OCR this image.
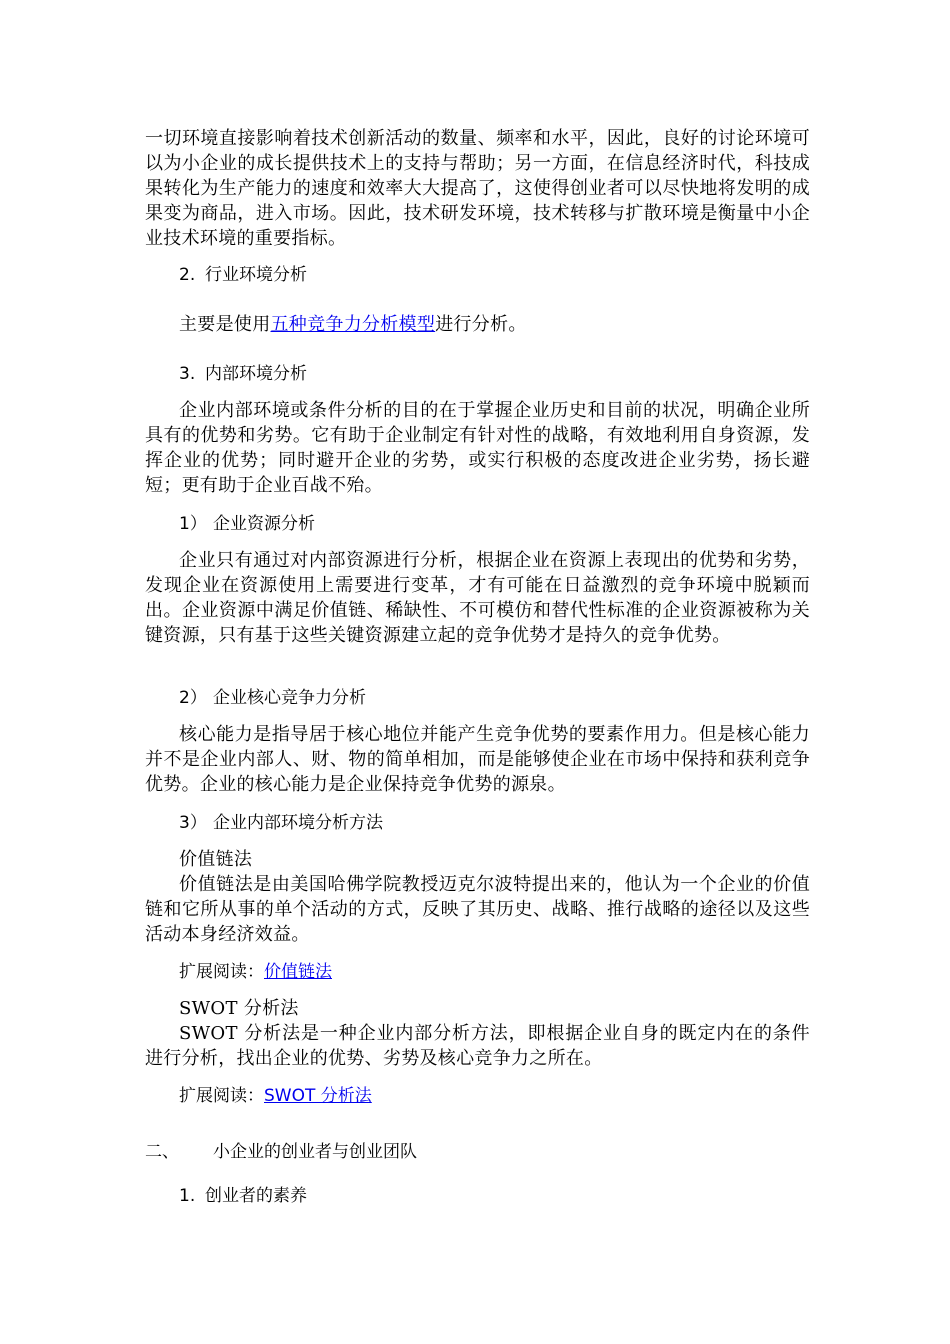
一切环境直接影响着技术创新活动的数量、频率和水平，因此，良好的讨论环境可以为小企业的成长提供技术上的支持与帮助；另一方面，在信息经济时代，科技成果转化为生产能力的速度和效率大大提高了，这使得创业者可以尽快地将发明的成果变为商品，进入市场。因此，技术研发环境，技术转移与扩散环境是衡量中小企业技术环境的重要指标。

2. 行业环境分析

主要是使用五种竞争力分析模型进行分析。

3. 内部环境分析

企业内部环境或条件分析的目的在于掌握企业历史和目前的状况，明确企业所具有的优势和劣势。它有助于企业制定有针对性的战略，有效地利用自身资源，发挥企业的优势；同时避开企业的劣势，或实行积极的态度改进企业劣势，扬长避短；更有助于企业百战不殆。

1） 企业资源分析

企业只有通过对内部资源进行分析，根据企业在资源上表现出的优势和劣势，发现企业在资源使用上需要进行变革，才有可能在日益激烈的竞争环境中脱颖而出。企业资源中满足价值链、稀缺性、不可模仿和替代性标准的企业资源被称为关键资源，只有基于这些关键资源建立起的竞争优势才是持久的竞争优势。

2） 企业核心竞争力分析

核心能力是指导居于核心地位并能产生竞争优势的要素作用力。但是核心能力并不是企业内部人、财、物的简单相加，而是能够使企业在市场中保持和获利竞争优势。企业的核心能力是企业保持竞争优势的源泉。

3） 企业内部环境分析方法

价值链法

价值链法是由美国哈佛学院教授迈克尔波特提出来的，他认为一个企业的价值链和它所从事的单个活动的方式，反映了其历史、战略、推行战略的途径以及这些活动本身经济效益。

扩展阅读：价值链法

SWOT 分析法

SWOT 分析法是一种企业内部分析方法，即根据企业自身的既定内在的条件进行分析，找出企业的优势、劣势及核心竞争力之所在。

扩展阅读：SWOT 分析法

二、 小企业的创业者与创业团队

1. 创业者的素养
